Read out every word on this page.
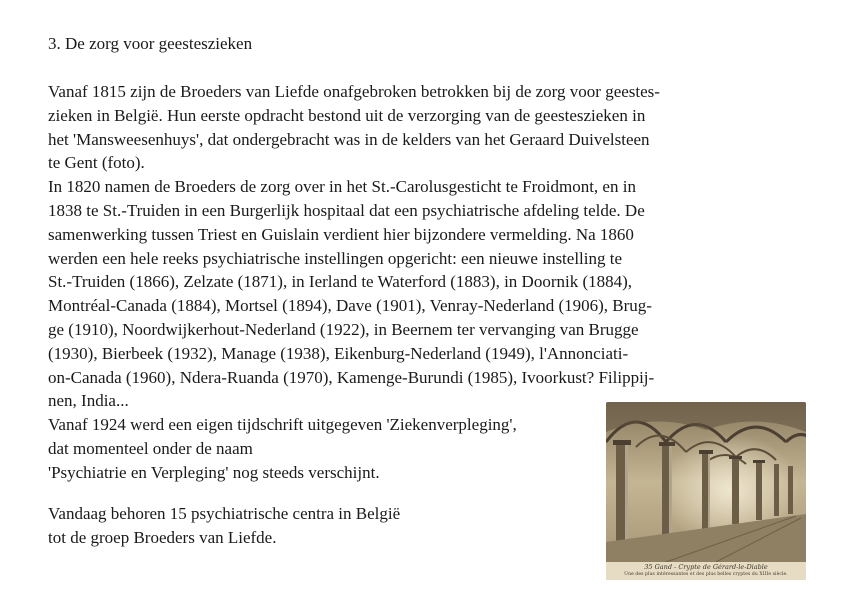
3. De zorg voor geesteszieken
Vanaf 1815 zijn de Broeders van Liefde onafgebroken betrokken bij de zorg voor geestes-
zieken in België. Hun eerste opdracht bestond uit de verzorging van de geesteszieken in
het 'Mansweesenhuys', dat ondergebracht was in de kelders van het Geraard Duivelsteen
te Gent (foto).
In 1820 namen de Broeders de zorg over in het St.-Carolusgesticht te Froidmont, en in
1838 te St.-Truiden in een Burgerlijk hospitaal dat een psychiatrische afdeling telde. De
samenwerking tussen Triest en Guislain verdient hier bijzondere vermelding. Na 1860
werden een hele reeks psychiatrische instellingen opgericht: een nieuwe instelling te
St.-Truiden (1866), Zelzate (1871), in Ierland te Waterford (1883), in Doornik (1884),
Montréal-Canada (1884), Mortsel (1894), Dave (1901), Venray-Nederland (1906), Brug-
ge (1910), Noordwijkerhout-Nederland (1922), in Beernem ter vervanging van Brugge
(1930), Bierbeek (1932), Manage (1938), Eikenburg-Nederland (1949), l'Annonciati-
on-Canada (1960), Ndera-Ruanda (1970), Kamenge-Burundi (1985), Ivoorkust? Filippij-
nen, India...
Vanaf 1924 werd een eigen tijdschrift uitgegeven 'Ziekenverpleging',
dat momenteel onder de naam
'Psychiatrie en Verpleging' nog steeds verschijnt.
Vandaag behoren 15 psychiatrische centra in België
tot de groep Broeders van Liefde.
35 Gand - Crypte de Gérard-le-Diable
Une des plus intéressantes et des plus belles cryptes du XIIIe siècle.
